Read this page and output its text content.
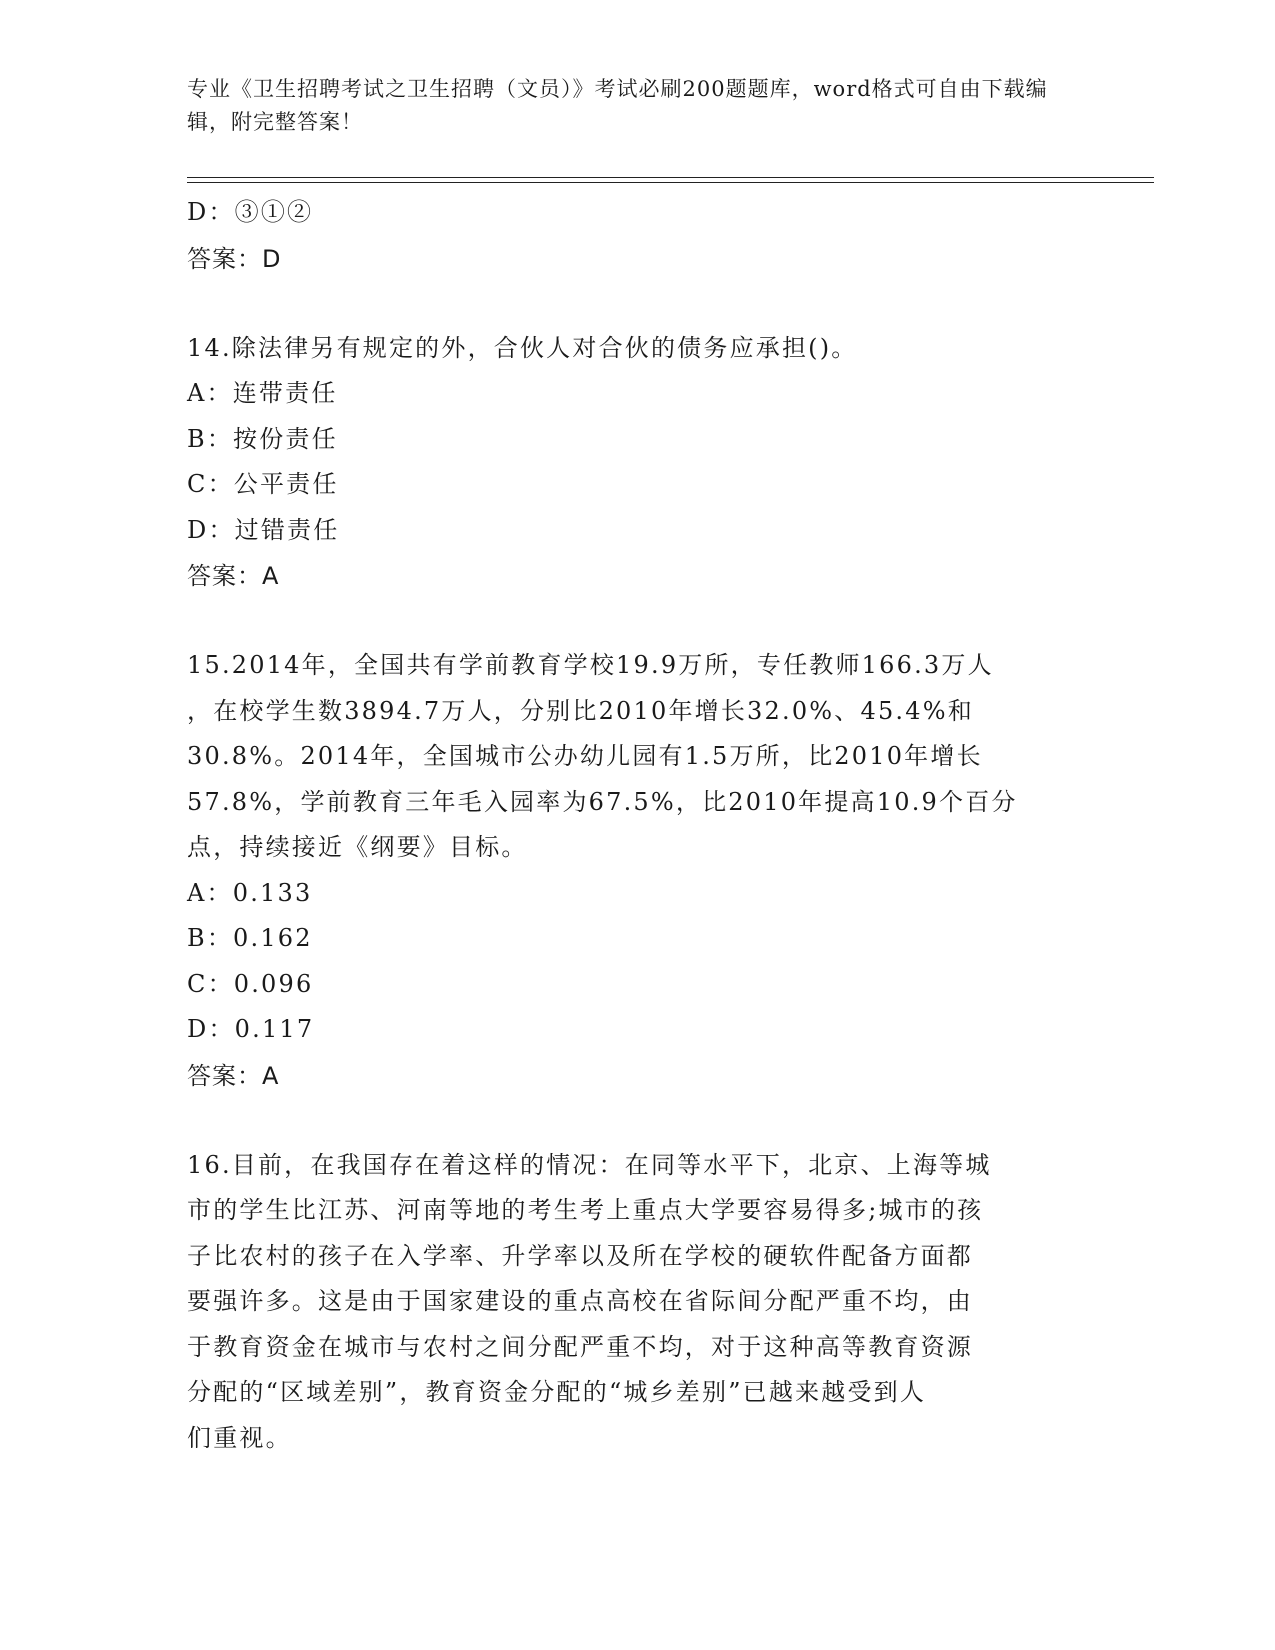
专业《卫生招聘考试之卫生招聘（文员）》考试必刷200题题库，word格式可自由下载编辑，附完整答案！
D：③①②
答案：D
14.除法律另有规定的外，合伙人对合伙的债务应承担()。
A：连带责任
B：按份责任
C：公平责任
D：过错责任
答案：A
15.2014年，全国共有学前教育学校19.9万所，专任教师166.3万人
，在校学生数3894.7万人，分别比2010年增长32.0%、45.4%和
30.8%。2014年，全国城市公办幼儿园有1.5万所，比2010年增长
57.8%，学前教育三年毛入园率为67.5%，比2010年提高10.9个百分
点，持续接近《纲要》目标。
A：0.133
B：0.162
C：0.096
D：0.117
答案：A
16.目前，在我国存在着这样的情况：在同等水平下，北京、上海等城
市的学生比江苏、河南等地的考生考上重点大学要容易得多;城市的孩
子比农村的孩子在入学率、升学率以及所在学校的硬软件配备方面都
要强许多。这是由于国家建设的重点高校在省际间分配严重不均，由
于教育资金在城市与农村之间分配严重不均，对于这种高等教育资源
分配的“区域差别”，教育资金分配的“城乡差别”已越来越受到人
们重视。
